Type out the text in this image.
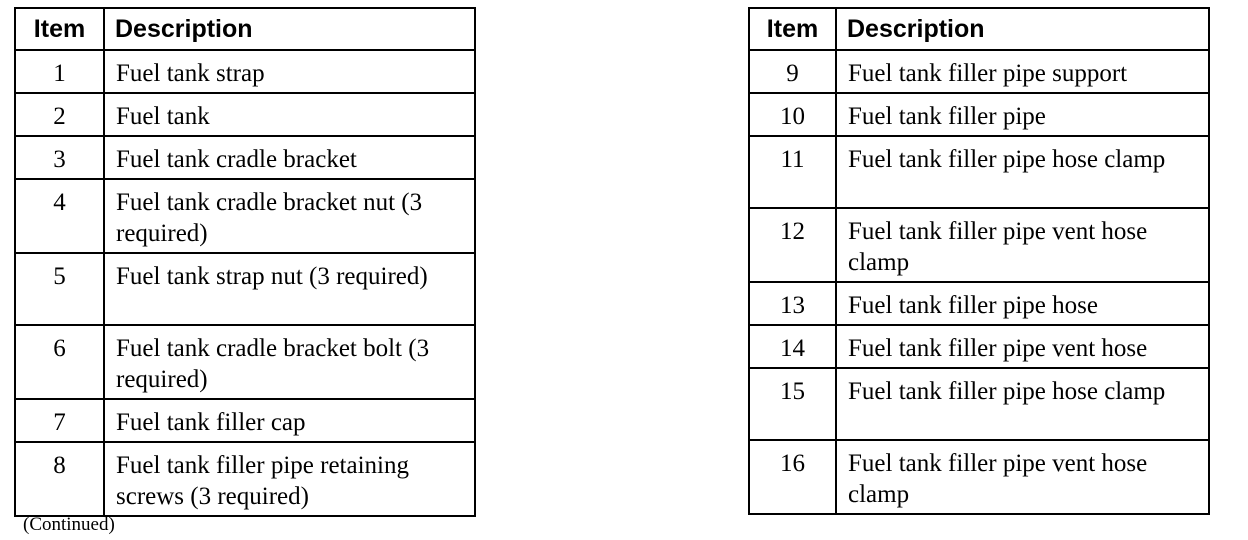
Item	Description
1	Fuel tank strap
2	Fuel tank
3	Fuel tank cradle bracket
4	Fuel tank cradle bracket nut (3 required)
5	Fuel tank strap nut (3 required)
6	Fuel tank cradle bracket bolt (3 required)
7	Fuel tank filler cap
8	Fuel tank filler pipe retaining screws (3 required)
(Continued)
Item	Description
9	Fuel tank filler pipe support
10	Fuel tank filler pipe
11	Fuel tank filler pipe hose clamp
12	Fuel tank filler pipe vent hose clamp
13	Fuel tank filler pipe hose
14	Fuel tank filler pipe vent hose
15	Fuel tank filler pipe hose clamp
16	Fuel tank filler pipe vent hose clamp
